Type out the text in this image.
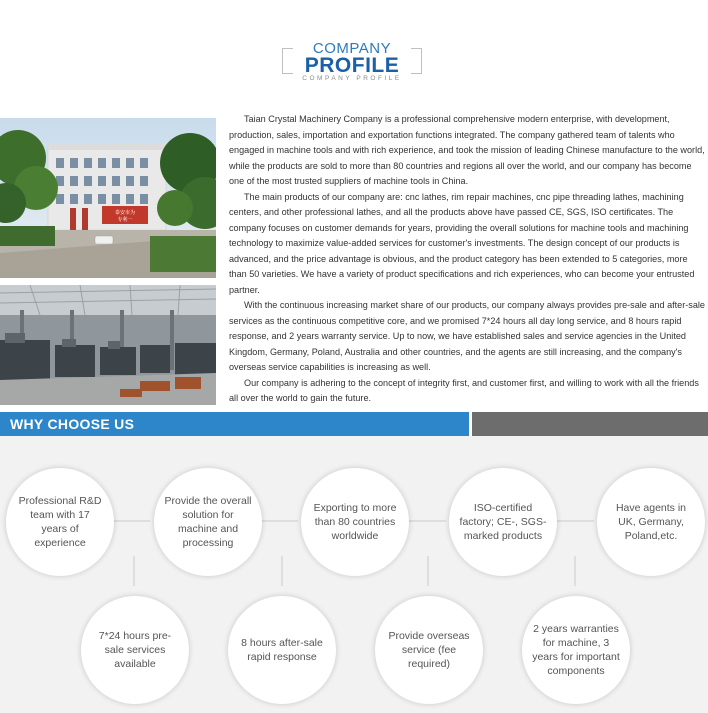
COMPANY
PROFILE
COMPANY PROFILE
泰安市为
专利一

Taian Crystal Machinery Company is a professional comprehensive modern enterprise, with development, production, sales, importation and exportation functions integrated. The company gathered team of talents who engaged in machine tools and with rich experience, and took the mission of leading Chinese manufacture to the world, while the products are sold to more than 80 countries and regions all over the world, and our company has become one of the most trusted suppliers of machine tools in China.

The main products of our company are: cnc lathes, rim repair machines, cnc pipe threading lathes, machining centers, and other professional lathes, and all the products above have passed CE, SGS, ISO certificates. The company focuses on customer demands for years, providing the overall solutions for machine tools and machining technology to maximize value-added services for customer's investments. The design concept of our products is advanced, and the price advantage is obvious, and the product category has been extended to 5 categories, more than 50 varieties. We have a variety of product specifications and rich experiences, who can become your entrusted partner.

With the continuous increasing market share of our products, our company always provides pre-sale and after-sale services as the continuous competitive core, and we promised 7*24 hours all day long service, and 8 hours rapid response, and 2 years warranty service. Up to now, we have established sales and service agencies in the United Kingdom, Germany, Poland, Australia and other countries, and the agents are still increasing, and the company's overseas service capabilities is increasing as well.

Our company is adhering to the concept of integrity first, and customer first, and willing to work with all the friends all over the world to gain the future.

WHY CHOOSE US
Professional R&D team with 17 years of experience
Provide the overall solution for machine and processing
Exporting to more than 80 countries worldwide
ISO-certified factory; CE-, SGS-marked products
Have agents in UK, Germany, Poland,etc.
7*24 hours pre-sale services available
8 hours after-sale rapid response
Provide overseas service (fee required)
2 years warranties for machine, 3 years for important components
